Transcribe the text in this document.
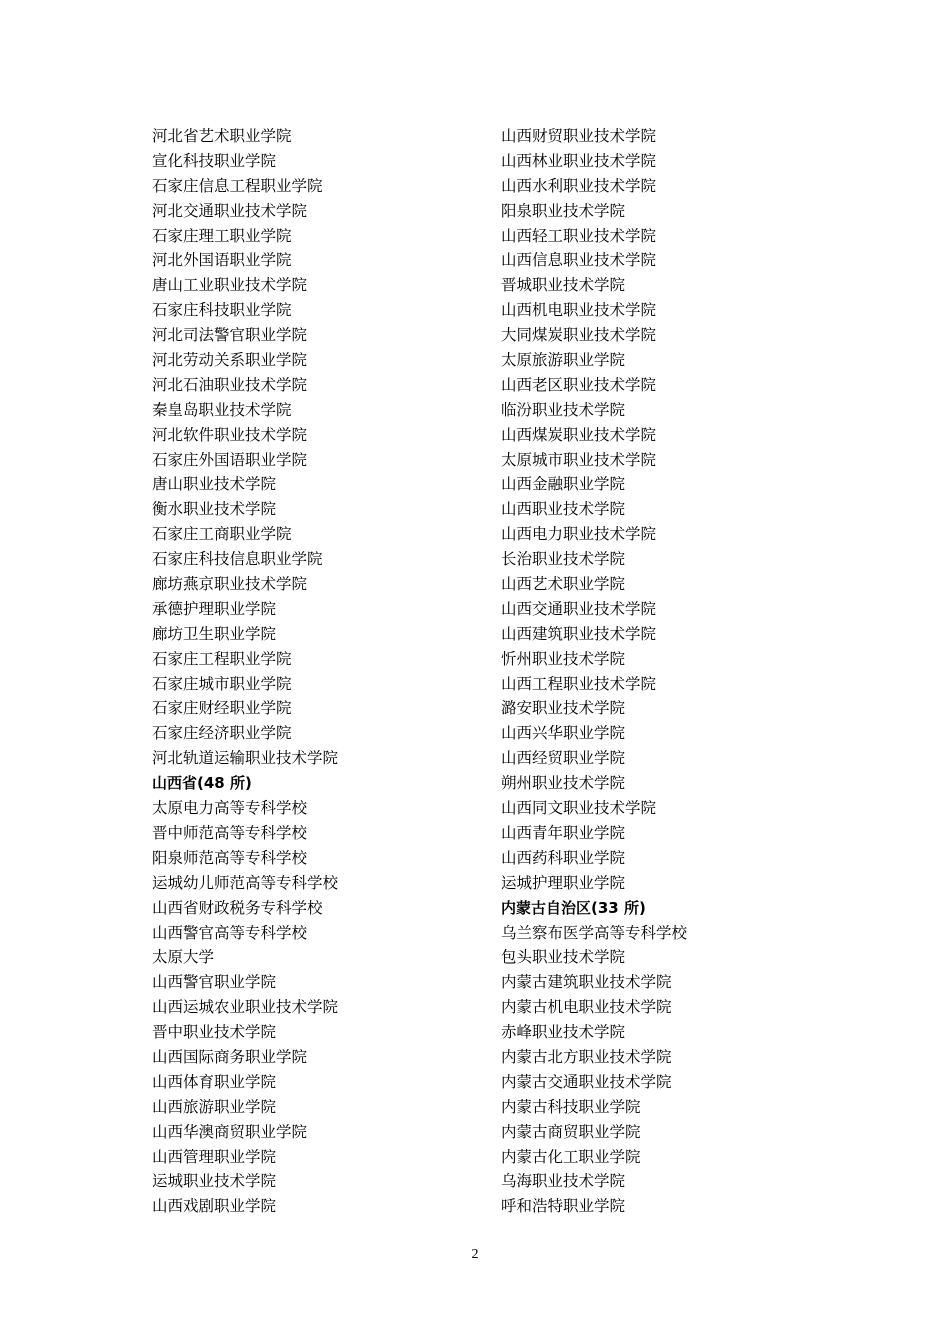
河北省艺术职业学院
宣化科技职业学院
石家庄信息工程职业学院
河北交通职业技术学院
石家庄理工职业学院
河北外国语职业学院
唐山工业职业技术学院
石家庄科技职业学院
河北司法警官职业学院
河北劳动关系职业学院
河北石油职业技术学院
秦皇岛职业技术学院
河北软件职业技术学院
石家庄外国语职业学院
唐山职业技术学院
衡水职业技术学院
石家庄工商职业学院
石家庄科技信息职业学院
廊坊燕京职业技术学院
承德护理职业学院
廊坊卫生职业学院
石家庄工程职业学院
石家庄城市职业学院
石家庄财经职业学院
石家庄经济职业学院
河北轨道运输职业技术学院
山西省(48 所)
太原电力高等专科学校
晋中师范高等专科学校
阳泉师范高等专科学校
运城幼儿师范高等专科学校
山西省财政税务专科学校
山西警官高等专科学校
太原大学
山西警官职业学院
山西运城农业职业技术学院
晋中职业技术学院
山西国际商务职业学院
山西体育职业学院
山西旅游职业学院
山西华澳商贸职业学院
山西管理职业学院
运城职业技术学院
山西戏剧职业学院
山西财贸职业技术学院
山西林业职业技术学院
山西水利职业技术学院
阳泉职业技术学院
山西轻工职业技术学院
山西信息职业技术学院
晋城职业技术学院
山西机电职业技术学院
大同煤炭职业技术学院
太原旅游职业学院
山西老区职业技术学院
临汾职业技术学院
山西煤炭职业技术学院
太原城市职业技术学院
山西金融职业学院
山西职业技术学院
山西电力职业技术学院
长治职业技术学院
山西艺术职业学院
山西交通职业技术学院
山西建筑职业技术学院
忻州职业技术学院
山西工程职业技术学院
潞安职业技术学院
山西兴华职业学院
山西经贸职业学院
朔州职业技术学院
山西同文职业技术学院
山西青年职业学院
山西药科职业学院
运城护理职业学院
内蒙古自治区(33 所)
乌兰察布医学高等专科学校
包头职业技术学院
内蒙古建筑职业技术学院
内蒙古机电职业技术学院
赤峰职业技术学院
内蒙古北方职业技术学院
内蒙古交通职业技术学院
内蒙古科技职业学院
内蒙古商贸职业学院
内蒙古化工职业学院
乌海职业技术学院
呼和浩特职业学院
2
